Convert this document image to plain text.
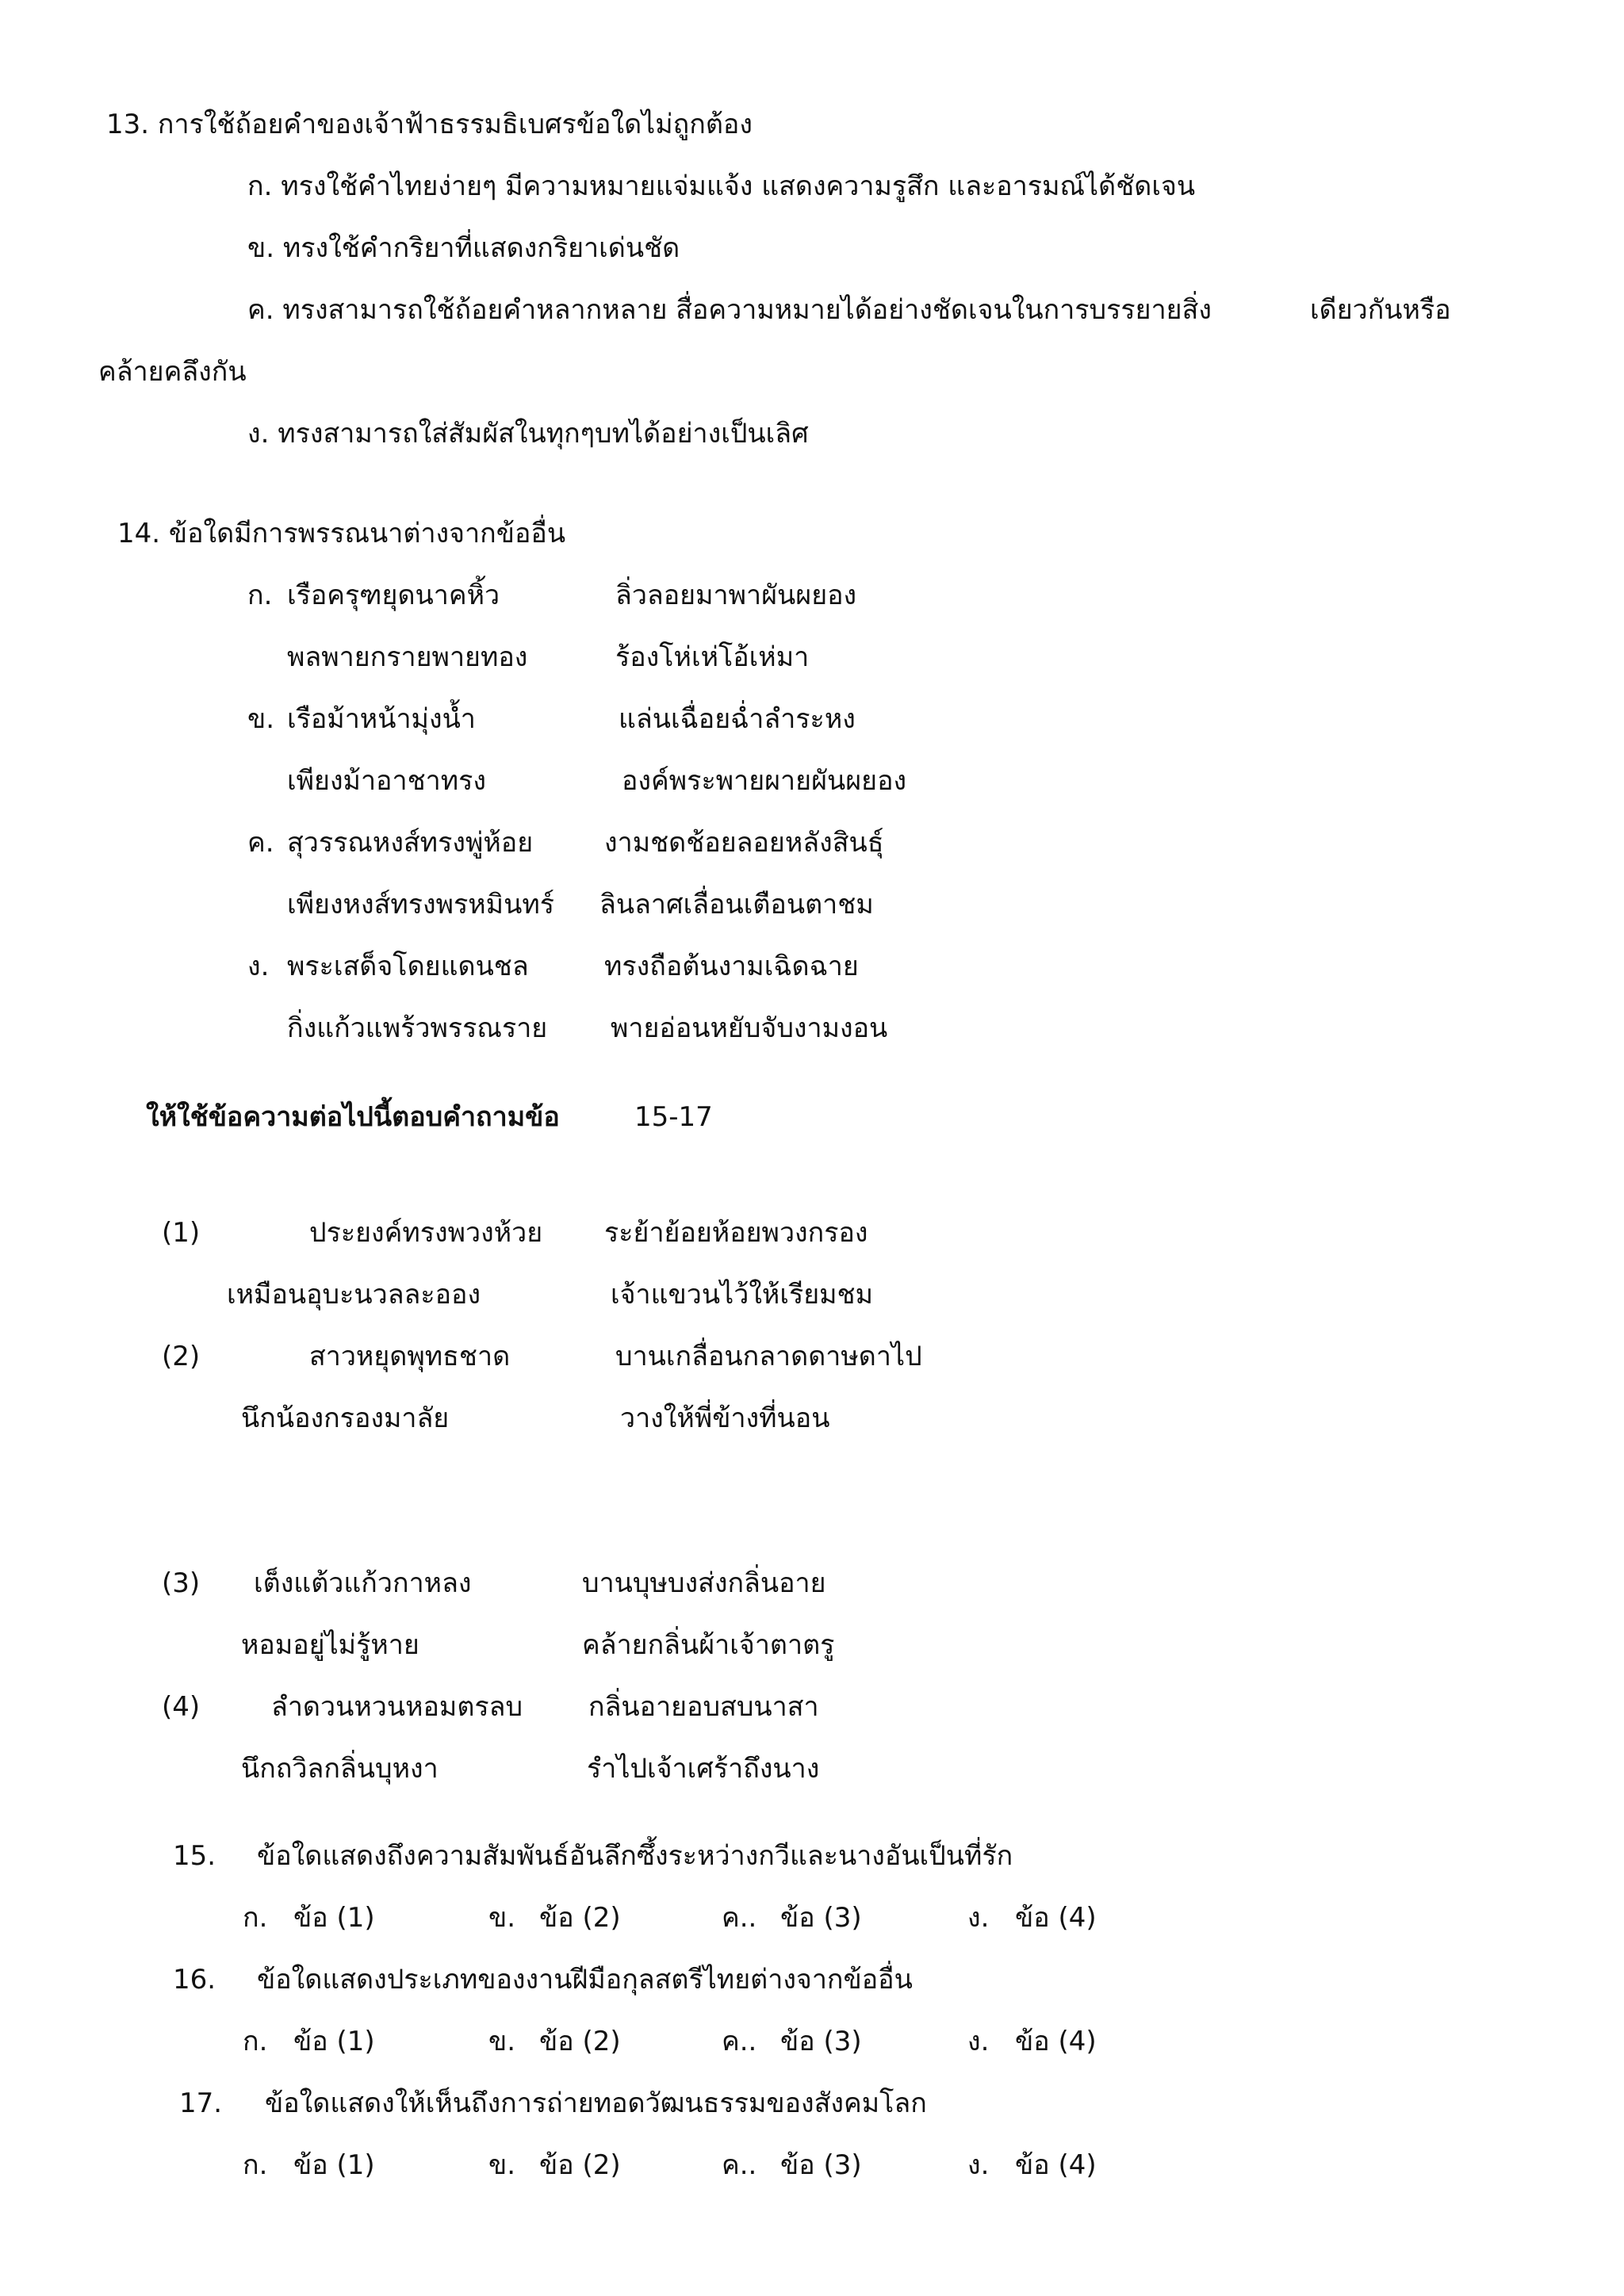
13. การใช้ถ้อยคำของเจ้าฟ้าธรรมธิเบศรข้อใดไม่ถูกต้อง
ก. ทรงใช้คำไทยง่ายๆ มีความหมายแจ่มแจ้ง แสดงความรูสึก และอารมณ์ได้ชัดเจน
ข. ทรงใช้คำกริยาที่แสดงกริยาเด่นชัด
ค. ทรงสามารถใช้ถ้อยคำหลากหลาย สื่อความหมายได้อย่างชัดเจนในการบรรยายสิ่ง	เดียวกันหรือ
คล้ายคลึงกัน
ง. ทรงสามารถใส่สัมผัสในทุกๆบทได้อย่างเป็นเลิศ
14. ข้อใดมีการพรรณนาต่างจากข้ออื่น
ก. เรือครุฑยุดนาคหิ้ว	ลิ่วลอยมาพาผันผยอง
พลพายกรายพายทอง	ร้องโห่เห่โอ้เห่มา
ข. เรือม้าหน้ามุ่งน้ำ	แล่นเฉื่อยฉ่ำลำระหง
เพียงม้าอาชาทรง	องค์พระพายผายผันผยอง
ค. สุวรรณหงส์ทรงพู่ห้อย	งามชดช้อยลอยหลังสินธุ์
เพียงหงส์ทรงพรหมินทร์ ลินลาศเลื่อนเตือนตาชม
ง. พระเสด็จโดยแดนชล	ทรงถือต้นงามเฉิดฉาย
กิ่งแก้วแพร้วพรรณราย พายอ่อนหยับจับงามงอน
ให้ใช้ข้อความต่อไปนี้ตอบคำถามข้อ	15-17
(1)	ประยงค์ทรงพวงห้วย ระย้าย้อยห้อยพวงกรอง
เหมือนอุบะนวลละออง	เจ้าแขวนไว้ให้เรียมชม
(2)	สาวหยุดพุทธชาด	บานเกลื่อนกลาดดาษดาไป
นึกน้องกรองมาลัย	วางให้พี่ข้างที่นอน
(3) เต็งแต้วแก้วกาหลง	บานบุษบงส่งกลิ่นอาย
หอมอยู่ไม่รู้หาย	คล้ายกลิ่นผ้าเจ้าตาตรู
(4)	ลำดวนหวนหอมตรลบ กลิ่นอายอบสบนาสา
นึกถวิลกลิ่นบุหงา	รำไปเจ้าเศร้าถึงนาง
15. ข้อใดแสดงถึงความสัมพันธ์อันลึกซึ้งระหว่างกวีและนางอันเป็นที่รัก
ก. ข้อ (1)	ข. ข้อ (2)	ค.. ข้อ (3)	ง. ข้อ (4)
16. ข้อใดแสดงประเภทของงานฝีมือกุลสตรีไทยต่างจากข้ออื่น
ก. ข้อ (1)	ข. ข้อ (2)	ค.. ข้อ (3)	ง. ข้อ (4)
17. ข้อใดแสดงให้เห็นถึงการถ่ายทอดวัฒนธรรมของสังคมโลก
ก. ข้อ (1)	ข. ข้อ (2)	ค.. ข้อ (3)	ง. ข้อ (4)
